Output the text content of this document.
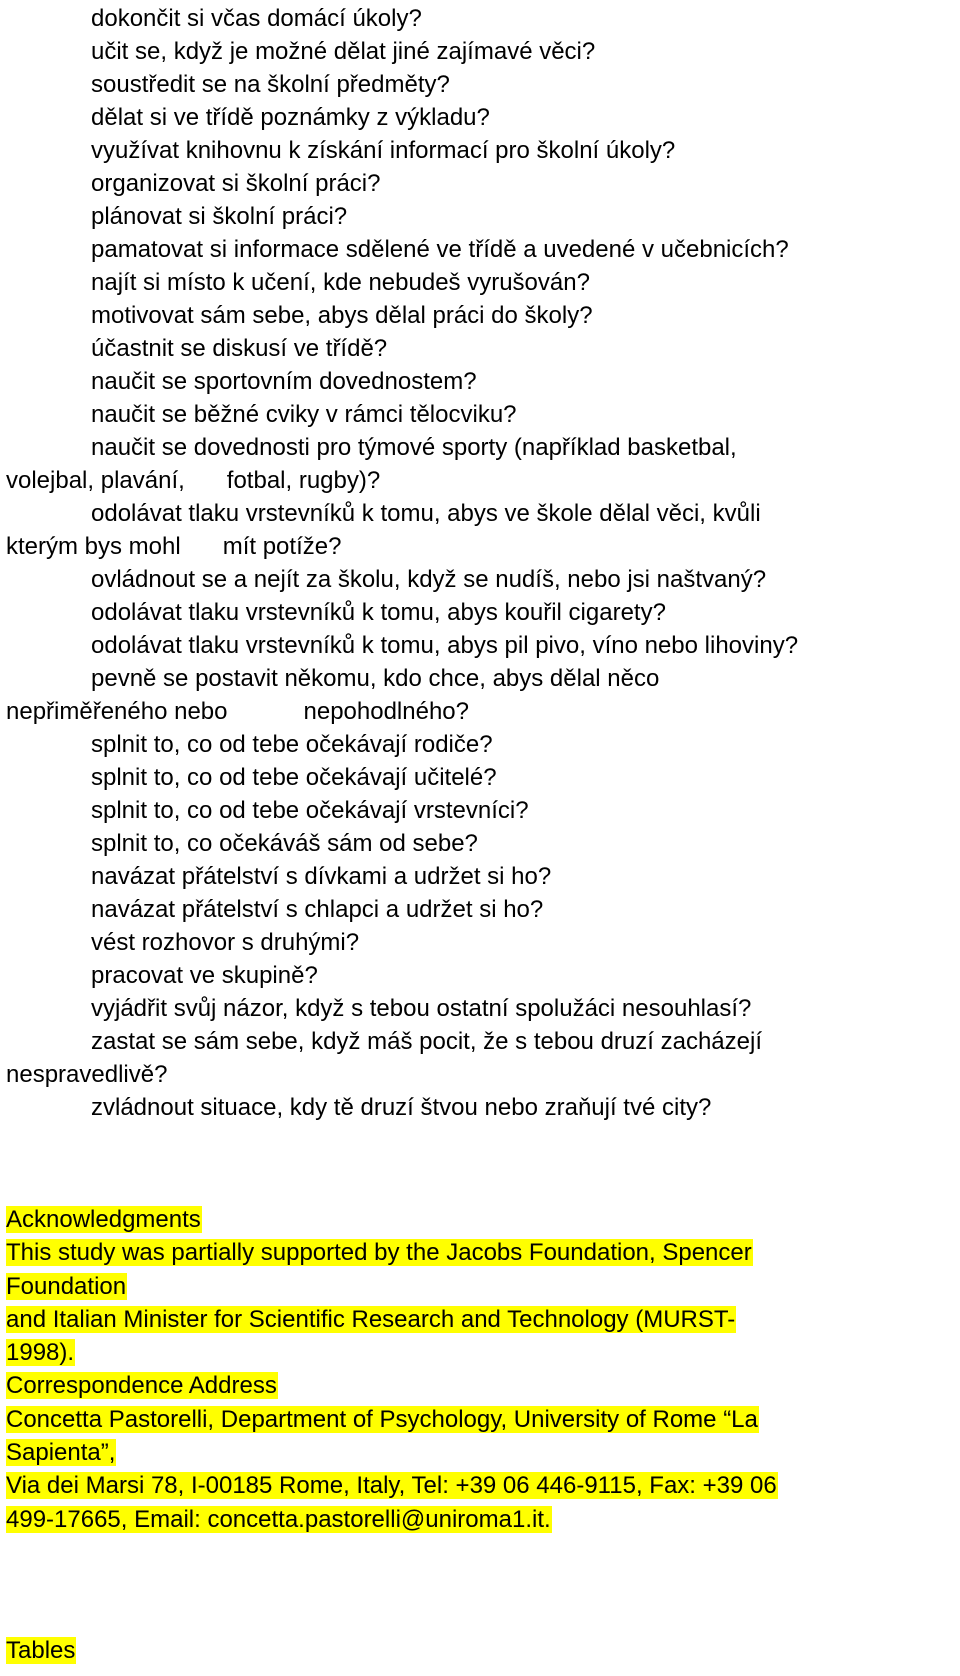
dokončit si včas domácí úkoly?

učit se, když je možné dělat jiné zajímavé věci?

soustředit se na školní předměty?

dělat si ve třídě poznámky z výkladu?

využívat knihovnu k získání informací pro školní úkoly?

organizovat si školní práci?

plánovat si školní práci?

pamatovat si informace sdělené ve třídě a uvedené v učebnicích?

najít si místo k učení, kde nebudeš vyrušován?

motivovat sám sebe, abys dělal práci do školy?

účastnit se diskusí ve třídě?

naučit se sportovním dovednostem?

naučit se běžné cviky v rámci tělocviku?

naučit se dovednosti pro týmové sporty (například basketbal,

volejbal, plavání, fotbal, rugby)?

odolávat tlaku vrstevníků k tomu, abys ve škole dělal věci, kvůli

kterým bys mohl mít potíže?

ovládnout se a nejít za školu, když se nudíš, nebo jsi naštvaný?

odolávat tlaku vrstevníků k tomu, abys kouřil cigarety?

odolávat tlaku vrstevníků k tomu, abys pil pivo, víno nebo lihoviny?

pevně se postavit někomu, kdo chce, abys dělal něco

nepřiměřeného nebo	nepohodlného?

splnit to, co od tebe očekávají rodiče?

splnit to, co od tebe očekávají učitelé?

splnit to, co od tebe očekávají vrstevníci?

splnit to, co očekáváš sám od sebe?

navázat přátelství s dívkami a udržet si ho?

navázat přátelství s chlapci a udržet si ho?

vést rozhovor s druhými?

pracovat ve skupině?

vyjádřit svůj názor, když s tebou ostatní spolužáci nesouhlasí?

zastat se sám sebe, když máš pocit, že s tebou druzí zacházejí

nespravedlivě?

zvládnout situace, kdy tě druzí štvou nebo zraňují tvé city?

Acknowledgments

This study was partially supported by the Jacobs Foundation, Spencer

Foundation

and Italian Minister for Scientific Research and Technology (MURST-

1998).

Correspondence Address

Concetta Pastorelli, Department of Psychology, University of Rome “La

Sapienta”,

Via dei Marsi 78, I-00185 Rome, Italy, Tel: +39 06 446-9115, Fax: +39 06

499-17665, Email: concetta.pastorelli@uniroma1.it.

Tables
